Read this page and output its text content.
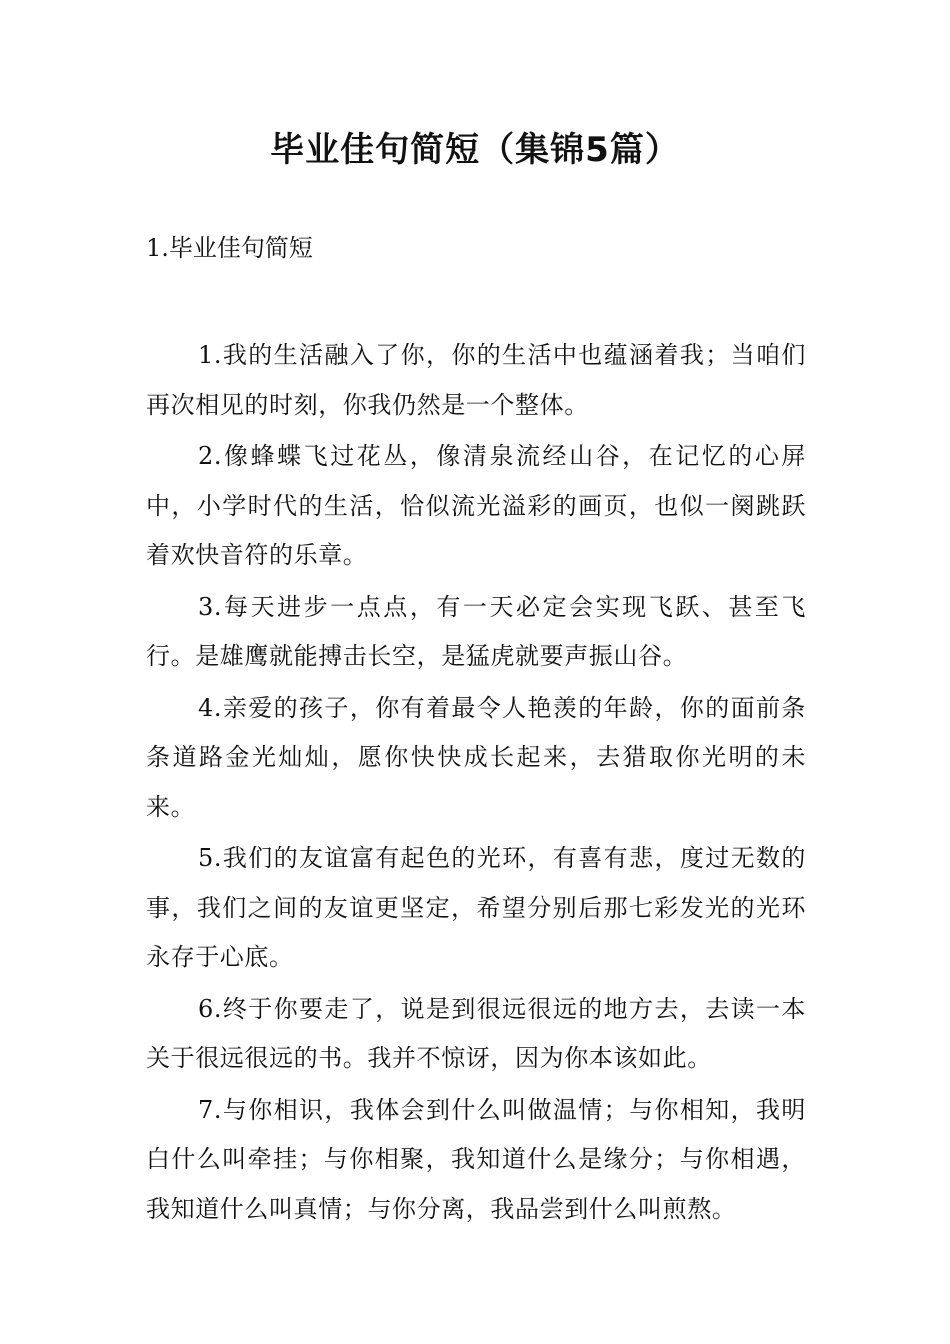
毕业佳句简短（集锦5篇）
1.毕业佳句简短

1.我的生活融入了你，你的生活中也蕴涵着我；当咱们再次相见的时刻，你我仍然是一个整体。

2.像蜂蝶飞过花丛，像清泉流经山谷，在记忆的心屏中，小学时代的生活，恰似流光溢彩的画页，也似一阕跳跃着欢快音符的乐章。

3.每天进步一点点，有一天必定会实现飞跃、甚至飞行。是雄鹰就能搏击长空，是猛虎就要声振山谷。

4.亲爱的孩子，你有着最令人艳羡的年龄，你的面前条条道路金光灿灿，愿你快快成长起来，去猎取你光明的未来。

5.我们的友谊富有起色的光环，有喜有悲，度过无数的事，我们之间的友谊更坚定，希望分别后那七彩发光的光环永存于心底。

6.终于你要走了，说是到很远很远的地方去，去读一本关于很远很远的书。我并不惊讶，因为你本该如此。

7.与你相识，我体会到什么叫做温情；与你相知，我明白什么叫牵挂；与你相聚，我知道什么是缘分；与你相遇，我知道什么叫真情；与你分离，我品尝到什么叫煎熬。
